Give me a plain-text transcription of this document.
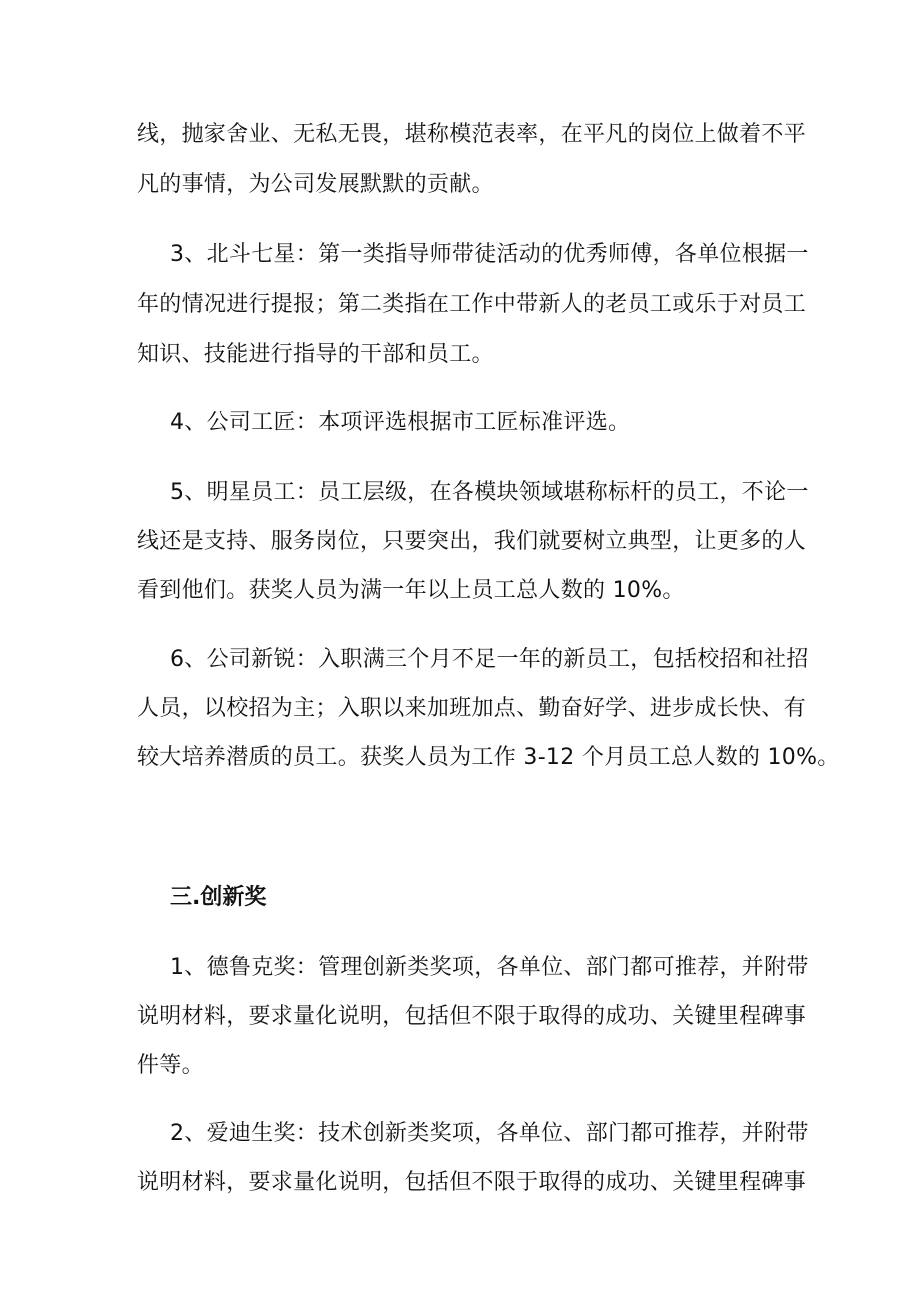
线，抛家舍业、无私无畏，堪称模范表率，在平凡的岗位上做着不平
凡的事情，为公司发展默默的贡献。
3、北斗七星：第一类指导师带徒活动的优秀师傅，各单位根据一
年的情况进行提报；第二类指在工作中带新人的老员工或乐于对员工
知识、技能进行指导的干部和员工。
4、公司工匠：本项评选根据市工匠标准评选。
5、明星员工：员工层级，在各模块领域堪称标杆的员工，不论一
线还是支持、服务岗位，只要突出，我们就要树立典型，让更多的人
看到他们。获奖人员为满一年以上员工总人数的 10%。
6、公司新锐：入职满三个月不足一年的新员工，包括校招和社招
人员，以校招为主；入职以来加班加点、勤奋好学、进步成长快、有
较大培养潜质的员工。获奖人员为工作 3-12 个月员工总人数的 10%。
三.创新奖
1、德鲁克奖：管理创新类奖项，各单位、部门都可推荐，并附带
说明材料，要求量化说明，包括但不限于取得的成功、关键里程碑事
件等。
2、爱迪生奖：技术创新类奖项，各单位、部门都可推荐，并附带
说明材料，要求量化说明，包括但不限于取得的成功、关键里程碑事
